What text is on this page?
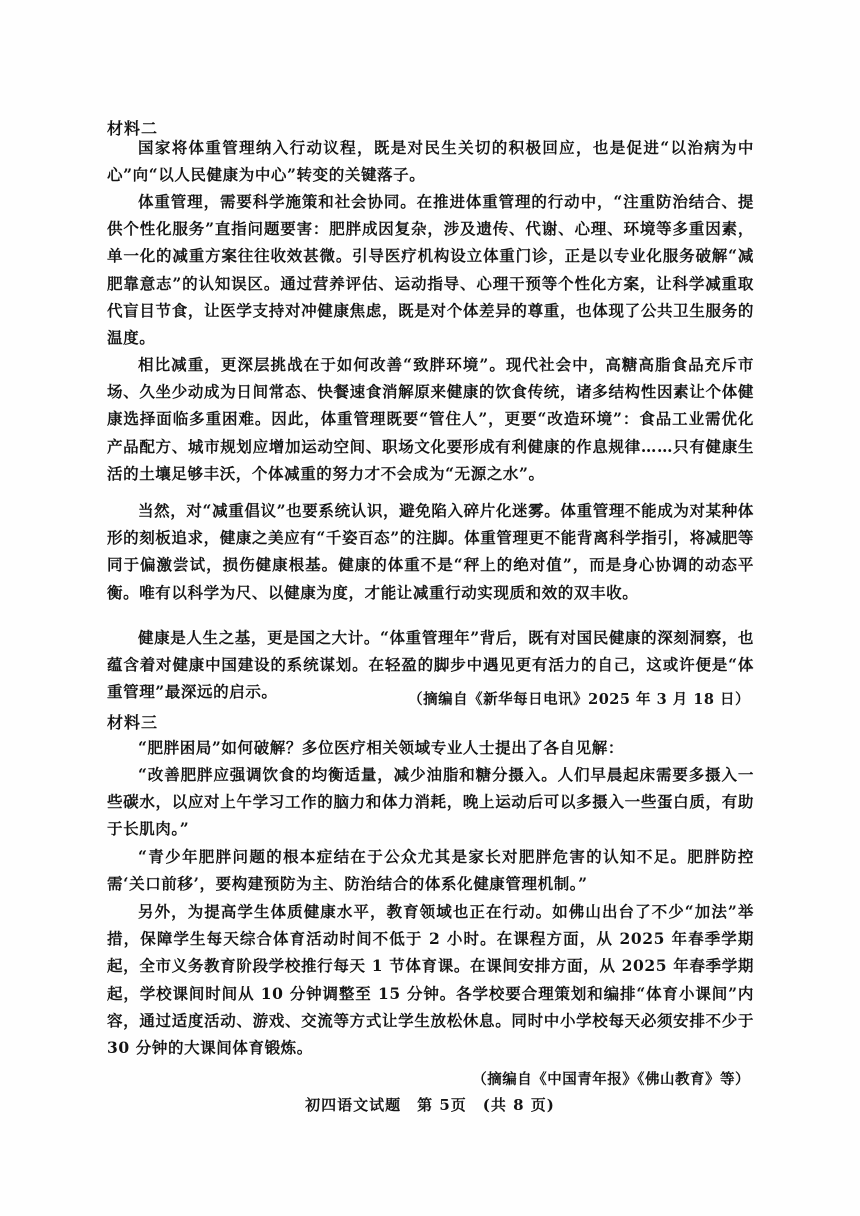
材料二

国家将体重管理纳入行动议程，既是对民生关切的积极回应，也是促进“以治病为中心”向“以人民健康为中心”转变的关键落子。

体重管理，需要科学施策和社会协同。在推进体重管理的行动中，“注重防治结合、提供个性化服务”直指问题要害：肥胖成因复杂，涉及遗传、代谢、心理、环境等多重因素，单一化的减重方案往往收效甚微。引导医疗机构设立体重门诊，正是以专业化服务破解“减肥靠意志”的认知误区。通过营养评估、运动指导、心理干预等个性化方案，让科学减重取代盲目节食，让医学支持对冲健康焦虑，既是对个体差异的尊重，也体现了公共卫生服务的温度。

相比减重，更深层挑战在于如何改善“致胖环境”。现代社会中，高糖高脂食品充斥市场、久坐少动成为日间常态、快餐速食消解原来健康的饮食传统，诸多结构性因素让个体健康选择面临多重困难。因此，体重管理既要“管住人”，更要“改造环境”：食品工业需优化产品配方、城市规划应增加运动空间、职场文化要形成有利健康的作息规律……只有健康生活的土壤足够丰沃，个体减重的努力才不会成为“无源之水”。

当然，对“减重倡议”也要系统认识，避免陷入碎片化迷雾。体重管理不能成为对某种体形的刻板追求，健康之美应有“千姿百态”的注脚。体重管理更不能背离科学指引，将减肥等同于偏激尝试，损伤健康根基。健康的体重不是“秤上的绝对值”，而是身心协调的动态平衡。唯有以科学为尺、以健康为度，才能让减重行动实现质和效的双丰收。

健康是人生之基，更是国之大计。“体重管理年”背后，既有对国民健康的深刻洞察，也蕴含着对健康中国建设的系统谋划。在轻盈的脚步中遇见更有活力的自己，这或许便是“体重管理”最深远的启示。	（摘编自《新华每日电讯》2025 年 3 月 18 日）

材料三

“肥胖困局”如何破解？多位医疗相关领域专业人士提出了各自见解：

“改善肥胖应强调饮食的均衡适量，减少油脂和糖分摄入。人们早晨起床需要多摄入一些碳水，以应对上午学习工作的脑力和体力消耗，晚上运动后可以多摄入一些蛋白质，有助于长肌肉。”

“青少年肥胖问题的根本症结在于公众尤其是家长对肥胖危害的认知不足。肥胖防控需‘关口前移’，要构建预防为主、防治结合的体系化健康管理机制。”

另外，为提高学生体质健康水平，教育领域也正在行动。如佛山出台了不少“加法”举措，保障学生每天综合体育活动时间不低于 2 小时。在课程方面，从 2025 年春季学期起，全市义务教育阶段学校推行每天 1 节体育课。在课间安排方面，从 2025 年春季学期起，学校课间时间从 10 分钟调整至 15 分钟。各学校要合理策划和编排“体育小课间”内容，通过适度活动、游戏、交流等方式让学生放松休息。同时中小学校每天必须安排不少于 30 分钟的大课间体育锻炼。

（摘编自《中国青年报》《佛山教育》等）

初四语文试题　第 5页　(共 8 页)
